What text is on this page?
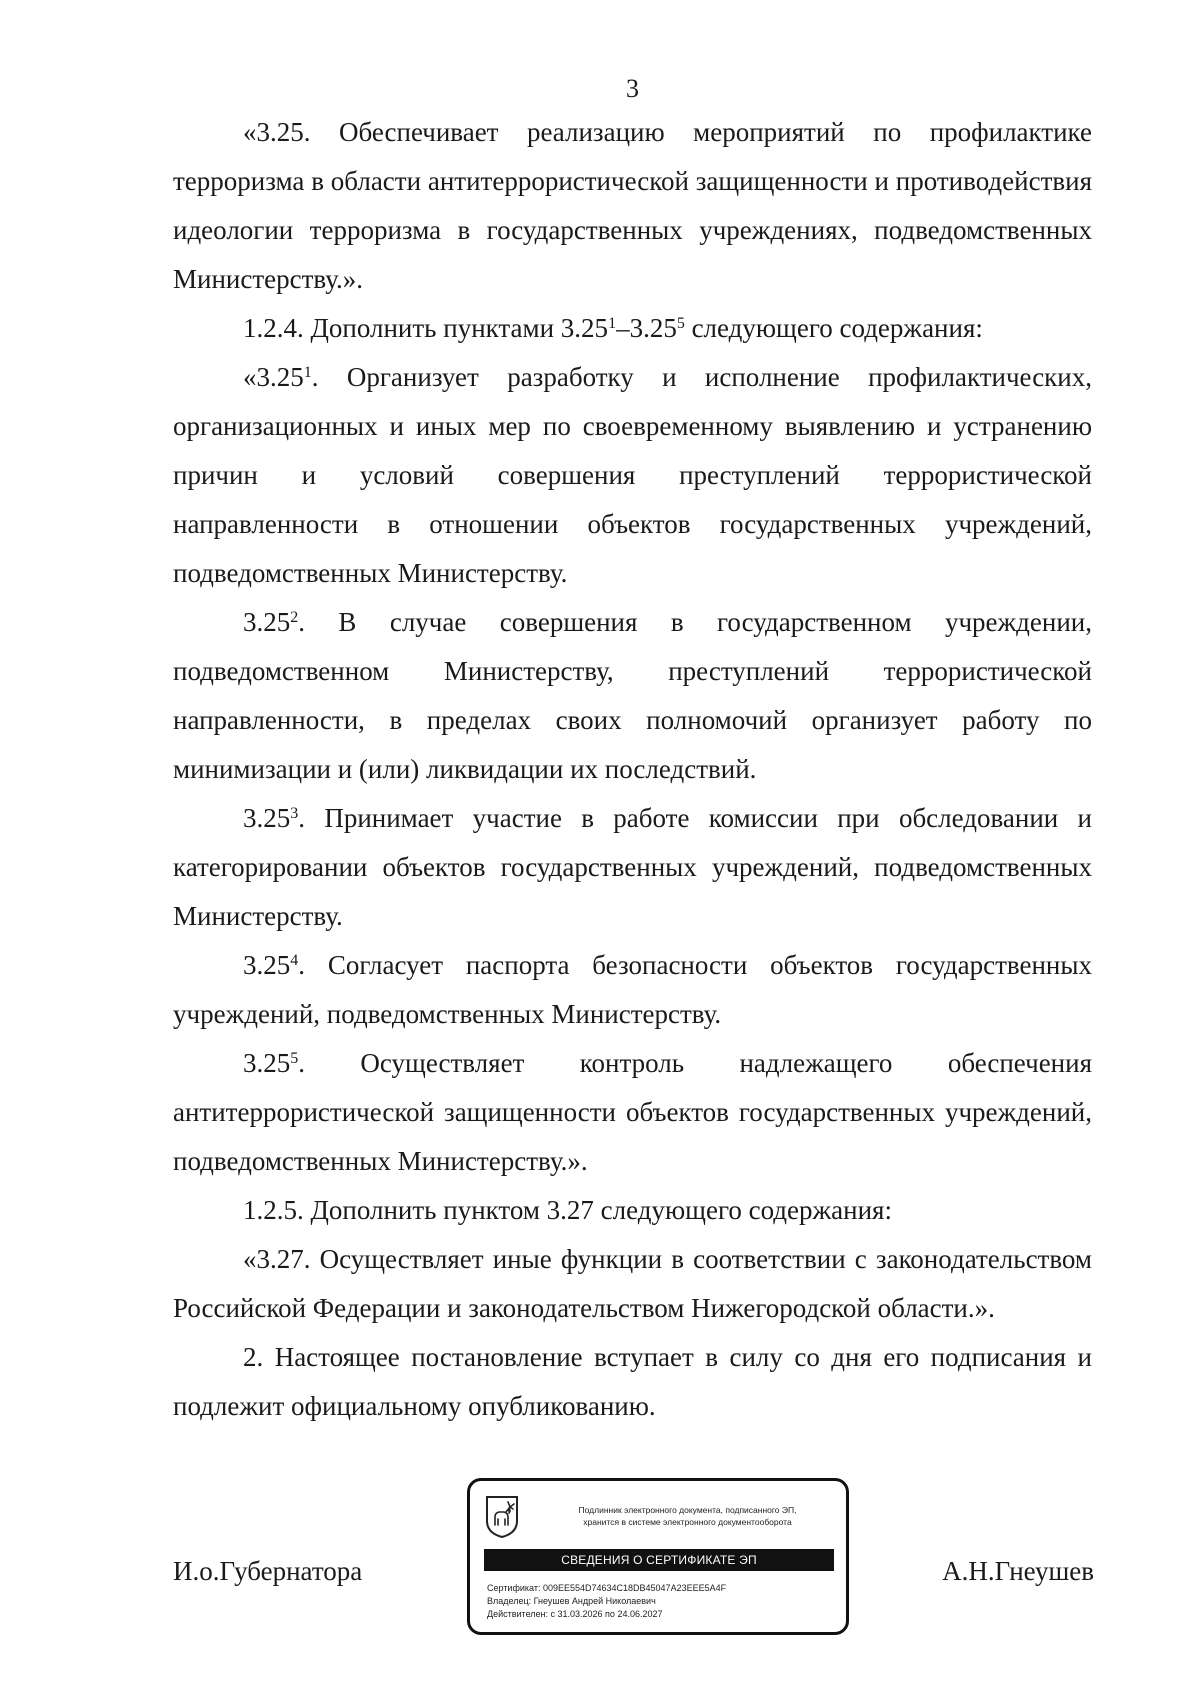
3

«3.25. Обеспечивает реализацию мероприятий по профилактике терроризма в области антитеррористической защищенности и противодействия идеологии терроризма в государственных учреждениях, подведомственных Министерству.».

1.2.4. Дополнить пунктами 3.25$^1$–3.25$^5$ следующего содержания:

«3.25$^1$. Организует разработку и исполнение профилактических, организационных и иных мер по своевременному выявлению и устранению причин и условий совершения преступлений террористической направленности в отношении объектов государственных учреждений, подведомственных Министерству.

3.25$^2$. В случае совершения в государственном учреждении, подведомственном Министерству, преступлений террористической направленности, в пределах своих полномочий организует работу по минимизации и (или) ликвидации их последствий.

3.25$^3$. Принимает участие в работе комиссии при обследовании и категорировании объектов государственных учреждений, подведомственных Министерству.

3.25$^4$. Согласует паспорта безопасности объектов государственных учреждений, подведомственных Министерству.

3.25$^5$. Осуществляет контроль надлежащего обеспечения антитеррористической защищенности объектов государственных учреждений, подведомственных Министерству.».

1.2.5. Дополнить пунктом 3.27 следующего содержания:

«3.27. Осуществляет иные функции в соответствии с законодательством Российской Федерации и законодательством Нижегородской области.».

2. Настоящее постановление вступает в силу со дня его подписания и подлежит официальному опубликованию.

И.о.Губернатора	А.Н.Гнеушев
Подлинник электронного документа, подписанного ЭП,
хранится в системе электронного документооборота
СВЕДЕНИЯ О СЕРТИФИКАТЕ ЭП
Сертификат: 009EE554D74634C18DB45047A23EEE5A4F
Владелец: Гнеушев Андрей Николаевич
Действителен: с 31.03.2026 по 24.06.2027
